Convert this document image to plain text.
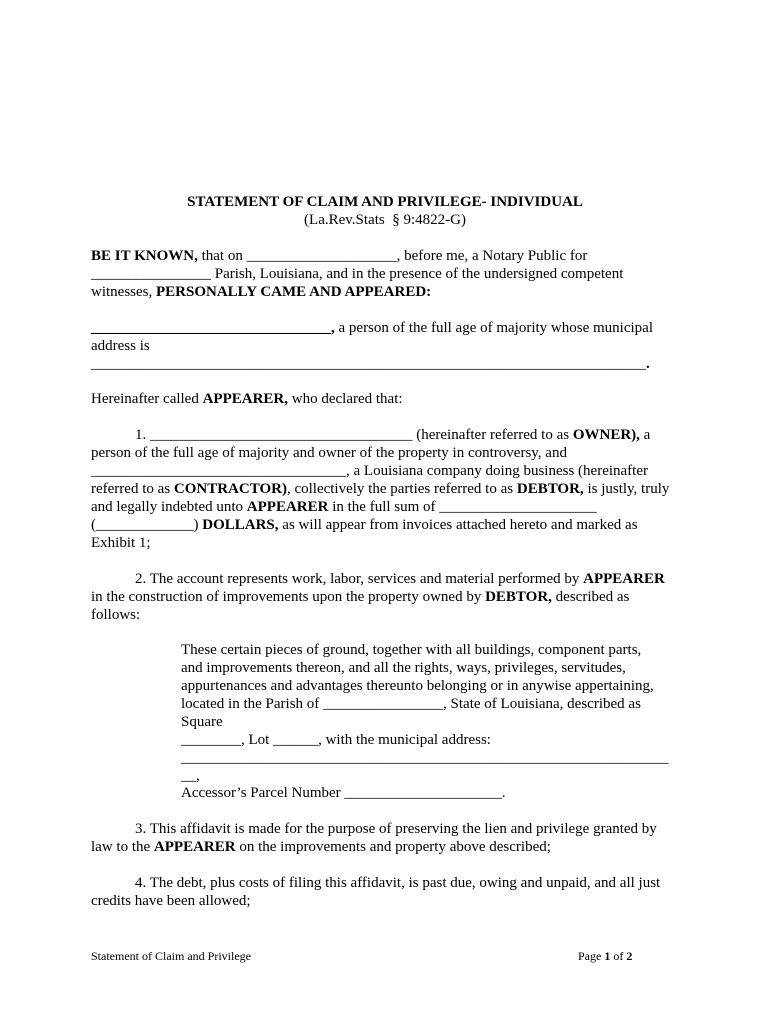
STATEMENT OF CLAIM AND PRIVILEGE- INDIVIDUAL

(La.Rev.Stats  § 9:4822-G)

BE IT KNOWN, that on ____________________, before me, a Notary Public for

________________ Parish, Louisiana, and in the presence of the undersigned competent

witnesses, PERSONALLY CAME AND APPEARED:

________________________________, a person of the full age of majority whose municipal

address is

__________________________________________________________________________.

Hereinafter called APPEARER, who declared that:

1. ___________________________________ (hereinafter referred to as OWNER), a

person of the full age of majority and owner of the property in controversy, and

__________________________________, a Louisiana company doing business (hereinafter

referred to as CONTRACTOR), collectively the parties referred to as DEBTOR, is justly, truly

and legally indebted unto APPEARER in the full sum of _____________________

(_____________) DOLLARS, as will appear from invoices attached hereto and marked as

Exhibit 1;

2. The account represents work, labor, services and material performed by APPEARER

in the construction of improvements upon the property owned by DEBTOR, described as

follows:

These certain pieces of ground, together with all buildings, component parts,

and improvements thereon, and all the rights, ways, privileges, servitudes,

appurtenances and advantages thereunto belonging or in anywise appertaining,

located in the Parish of ________________, State of Louisiana, described as

Square

________, Lot ______, with the municipal address:

_________________________________________________________________

__,

Accessor’s Parcel Number _____________________.

3. This affidavit is made for the purpose of preserving the lien and privilege granted by

law to the APPEARER on the improvements and property above described;

4. The debt, plus costs of filing this affidavit, is past due, owing and unpaid, and all just

credits have been allowed;

Statement of Claim and Privilege	Page 1 of 2
